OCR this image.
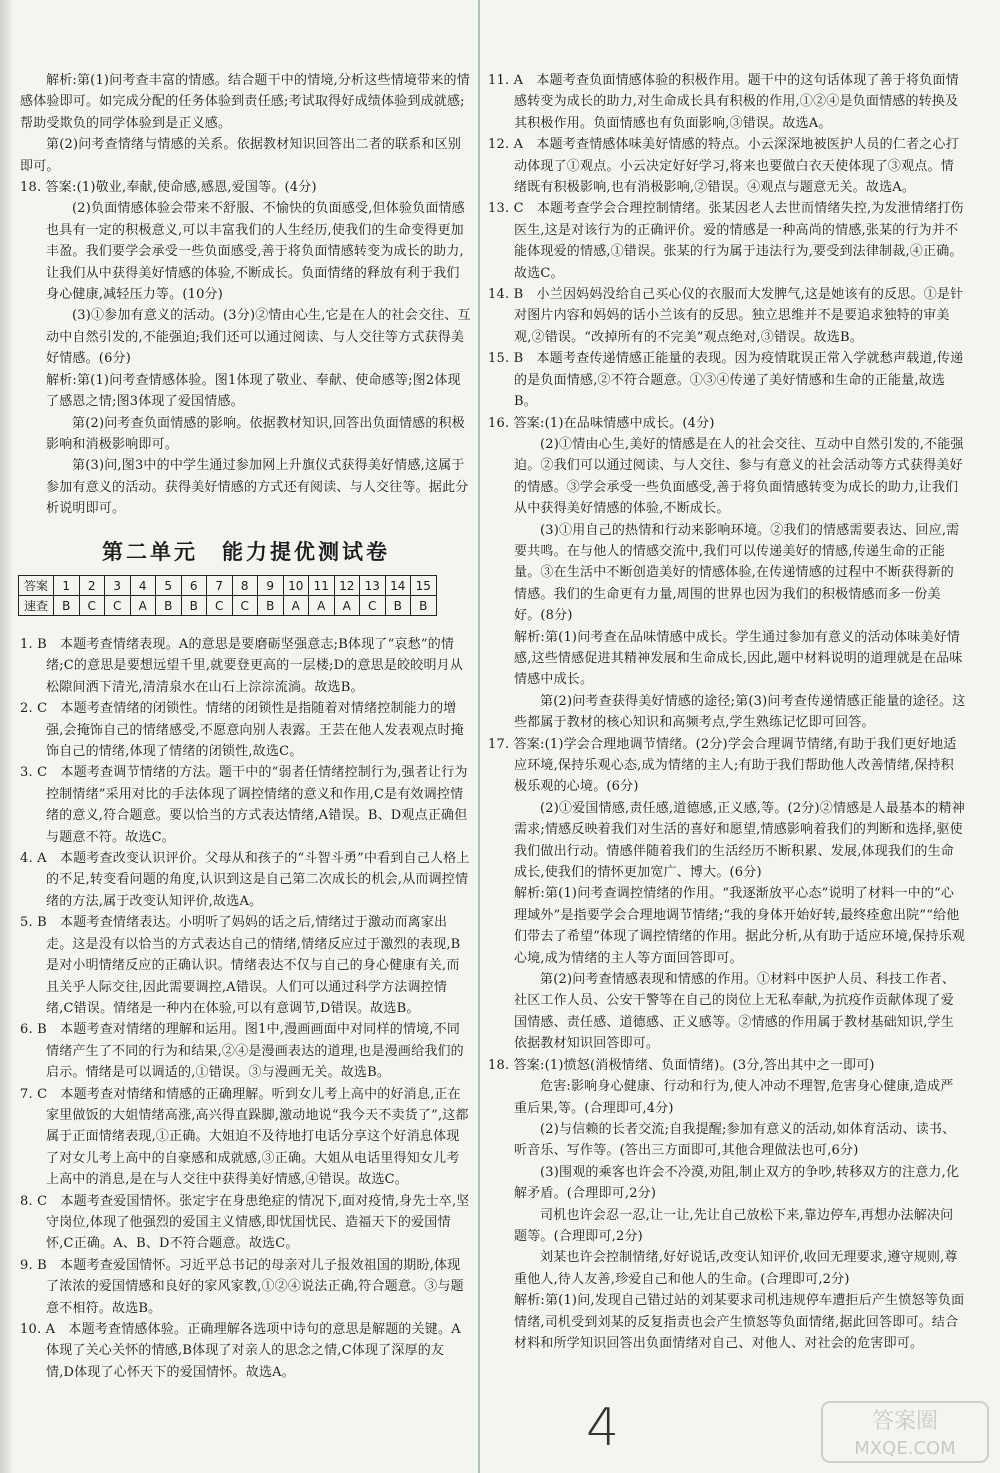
解析:第(1)问考查丰富的情感。结合题干中的情境,分析这些情境带来的情感体验即可。如完成分配的任务体验到责任感;考试取得好成绩体验到成就感;帮助受欺负的同学体验到是正义感。

第(2)问考查情绪与情感的关系。依据教材知识回答出二者的联系和区别即可。

18. 答案:(1)敬业,奉献,使命感,感恩,爱国等。(4分)

(2)负面情感体验会带来不舒服、不愉快的负面感受,但体验负面情感也具有一定的积极意义,可以丰富我们的人生经历,使我们的生命变得更加丰盈。我们要学会承受一些负面感受,善于将负面情感转变为成长的助力,让我们从中获得美好情感的体验,不断成长。负面情绪的释放有利于我们身心健康,减轻压力等。(10分)

(3)①参加有意义的活动。(3分)②情由心生,它是在人的社会交往、互动中自然引发的,不能强迫;我们还可以通过阅读、与人交往等方式获得美好情感。(6分)

解析:第(1)问考查情感体验。图1体现了敬业、奉献、使命感等;图2体现了感恩之情;图3体现了爱国情感。

第(2)问考查负面情感的影响。依据教材知识,回答出负面情感的积极影响和消极影响即可。

第(3)问,图3中的中学生通过参加网上升旗仪式获得美好情感,这属于参加有意义的活动。获得美好情感的方式还有阅读、与人交往等。据此分析说明即可。

第二单元　能力提优测试卷
答案	1	2	3	4	5	6	7	8	9	10	11	12	13	14	15
速查	B	C	C	A	B	B	C	C	B	A	A	A	C	B	B

1. B　本题考查情绪表现。A的意思是要磨砺坚强意志;B体现了“哀愁”的情绪;C的意思是要想远望千里,就要登更高的一层楼;D的意思是皎皎明月从松隙间洒下清光,清清泉水在山石上淙淙流淌。故选B。

2. C　本题考查情绪的闭锁性。情绪的闭锁性是指随着对情绪控制能力的增强,会掩饰自己的情绪感受,不愿意向别人表露。王芸在他人发表观点时掩饰自己的情绪,体现了情绪的闭锁性,故选C。

3. C　本题考查调节情绪的方法。题干中的“弱者任情绪控制行为,强者让行为控制情绪”采用对比的手法体现了调控情绪的意义和作用,C是有效调控情绪的意义,符合题意。要以恰当的方式表达情绪,A错误。B、D观点正确但与题意不符。故选C。

4. A　本题考查改变认识评价。父母从和孩子的“斗智斗勇”中看到自己人格上的不足,转变看问题的角度,认识到这是自己第二次成长的机会,从而调控情绪的方法,属于改变认知评价,故选A。

5. B　本题考查情绪表达。小明听了妈妈的话之后,情绪过于激动而离家出走。这是没有以恰当的方式表达自己的情绪,情绪反应过于激烈的表现,B是对小明情绪反应的正确认识。情绪表达不仅与自己的身心健康有关,而且关乎人际交往,因此需要调控,A错误。人们可以通过科学方法调控情绪,C错误。情绪是一种内在体验,可以有意调节,D错误。故选B。

6. B　本题考查对情绪的理解和运用。图1中,漫画画面中对同样的情境,不同情绪产生了不同的行为和结果,②④是漫画表达的道理,也是漫画给我们的启示。情绪是可以调适的,①错误。③与漫画无关。故选B。

7. C　本题考查对情绪和情感的正确理解。听到女儿考上高中的好消息,正在家里做饭的大姐情绪高涨,高兴得直跺脚,激动地说“我今天不卖货了”,这都属于正面情绪表现,①正确。大姐迫不及待地打电话分享这个好消息体现了对女儿考上高中的自豪感和成就感,③正确。大姐从电话里得知女儿考上高中的消息,是在与人交往中获得美好情感,④错误。故选C。

8. C　本题考查爱国情怀。张定宇在身患绝症的情况下,面对疫情,身先士卒,坚守岗位,体现了他强烈的爱国主义情感,即忧国忧民、造福天下的爱国情怀,C正确。A、B、D不符合题意。故选C。

9. B　本题考查爱国情怀。习近平总书记的母亲对儿子报效祖国的期盼,体现了浓浓的爱国情感和良好的家风家教,①②④说法正确,符合题意。③与题意不相符。故选B。

10. A　本题考查情感体验。正确理解各选项中诗句的意思是解题的关键。A体现了关心关怀的情感,B体现了对亲人的思念之情,C体现了深厚的友情,D体现了心怀天下的爱国情怀。故选A。

11. A　本题考查负面情感体验的积极作用。题干中的这句话体现了善于将负面情感转变为成长的助力,对生命成长具有积极的作用,①②④是负面情感的转换及其积极作用。负面情感也有负面影响,③错误。故选A。

12. A　本题考查情感体味美好情感的特点。小云深深地被医护人员的仁者之心打动体现了①观点。小云决定好好学习,将来也要做白衣天使体现了③观点。情绪既有积极影响,也有消极影响,②错误。④观点与题意无关。故选A。

13. C　本题考查学会合理控制情绪。张某因老人去世而情绪失控,为发泄情绪打伤医生,这是对该行为的正确评价。爱的情感是一种高尚的情感,张某的行为并不能体现爱的情感,①错误。张某的行为属于违法行为,要受到法律制裁,④正确。故选C。

14. B　小兰因妈妈没给自己买心仪的衣服而大发脾气,这是她该有的反思。①是针对图片内容和妈妈的话小兰该有的反思。独立思维并不是要追求独特的审美观,②错误。“改掉所有的不完美”观点绝对,③错误。故选B。

15. B　本题考查传递情感正能量的表现。因为疫情耽误正常入学就愁声载道,传递的是负面情感,②不符合题意。①③④传递了美好情感和生命的正能量,故选B。

16. 答案:(1)在品味情感中成长。(4分)

(2)①情由心生,美好的情感是在人的社会交往、互动中自然引发的,不能强迫。②我们可以通过阅读、与人交往、参与有意义的社会活动等方式获得美好的情感。③学会承受一些负面感受,善于将负面情感转变为成长的助力,让我们从中获得美好情感的体验,不断成长。

(3)①用自己的热情和行动来影响环境。②我们的情感需要表达、回应,需要共鸣。在与他人的情感交流中,我们可以传递美好的情感,传递生命的正能量。③在生活中不断创造美好的情感体验,在传递情感的过程中不断获得新的情感。我们的生命更有力量,周围的世界也因为我们的积极情感而多一份美好。(8分)

解析:第(1)问考查在品味情感中成长。学生通过参加有意义的活动体味美好情感,这些情感促进其精神发展和生命成长,因此,题中材料说明的道理就是在品味情感中成长。

第(2)问考查获得美好情感的途径;第(3)问考查传递情感正能量的途径。这些都属于教材的核心知识和高频考点,学生熟练记忆即可回答。

17. 答案:(1)学会合理地调节情绪。(2分)学会合理调节情绪,有助于我们更好地适应环境,保持乐观心态,成为情绪的主人;有助于我们帮助他人改善情绪,保持积极乐观的心境。(6分)

(2)①爱国情感,责任感,道德感,正义感,等。(2分)②情感是人最基本的精神需求;情感反映着我们对生活的喜好和愿望,情感影响着我们的判断和选择,驱使我们做出行动。情感伴随着我们的生活经历不断积累、发展,体现我们的生命成长,使我们的情怀更加宽广、博大。(6分)

解析:第(1)问考查调控情绪的作用。“我逐渐放平心态”说明了材料一中的“心理域外”是指要学会合理地调节情绪;“我的身体开始好转,最终痊愈出院”“给他们带去了希望”体现了调控情绪的作用。据此分析,从有助于适应环境,保持乐观心境,成为情绪的主人等方面回答即可。

第(2)问考查情感表现和情感的作用。①材料中医护人员、科技工作者、社区工作人员、公安干警等在自己的岗位上无私奉献,为抗疫作贡献体现了爱国情感、责任感、道德感、正义感等。②情感的作用属于教材基础知识,学生依据教材知识回答即可。

18. 答案:(1)愤怒(消极情绪、负面情绪)。(3分,答出其中之一即可)

危害:影响身心健康、行动和行为,使人冲动不理智,危害身心健康,造成严重后果,等。(合理即可,4分)

(2)与信赖的长者交流;自我提醒;参加有意义的活动,如体育活动、读书、听音乐、写作等。(答出三方面即可,其他合理做法也可,6分)

(3)围观的乘客也许会不冷漠,劝阻,制止双方的争吵,转移双方的注意力,化解矛盾。(合理即可,2分)

司机也许会忍一忍,让一让,先让自己放松下来,靠边停车,再想办法解决问题等。(合理即可,2分)

刘某也许会控制情绪,好好说话,改变认知评价,收回无理要求,遵守规则,尊重他人,待人友善,珍爱自己和他人的生命。(合理即可,2分)

解析:第(1)问,发现自己错过站的刘某要求司机违规停车遭拒后产生愤怒等负面情绪,司机受到刘某的反复指责也会产生愤怒等负面情绪,据此回答即可。结合材料和所学知识回答出负面情绪对自己、对他人、对社会的危害即可。

4	答案圈
MXQE.COM
